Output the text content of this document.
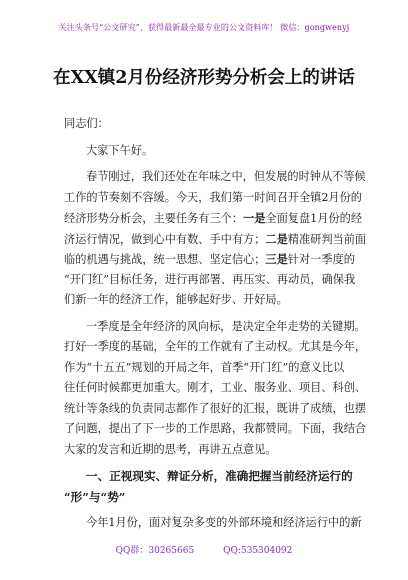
关注头条号“公文研究”，获得最新最全最专业的公文资料库！ 微信：gongwenyj
在XX镇2月份经济形势分析会上的讲话
同志们：
大家下午好。
春节刚过，我们还处在年味之中，但发展的时钟从不等候
工作的节奏刻不容缓。今天，我们第一时间召开全镇2月份的
经济形势分析会，主要任务有三个：一是全面复盘1月份的经
济运行情况，做到心中有数、手中有方；二是精准研判当前面
临的机遇与挑战，统一思想、坚定信心；三是针对一季度的
“开门红”目标任务，进行再部署、再压实、再动员，确保我
们新一年的经济工作，能够起好步、开好局。
一季度是全年经济的风向标，是决定全年走势的关键期。
打好一季度的基础，全年的工作就有了主动权。尤其是今年，
作为“十五五”规划的开局之年，首季“开门红”的意义比以
往任何时候都更加重大。刚才，工业、服务业、项目、科创、
统计等条线的负责同志都作了很好的汇报，既讲了成绩，也摆
了问题，提出了下一步的工作思路，我都赞同。下面，我结合
大家的发言和近期的思考，再讲五点意见。
一、正视现实、辩证分析，准确把握当前经济运行的
“形”与“势”
今年1月份，面对复杂多变的外部环境和经济运行中的新
QQ群：30265665	QQ:535304092
